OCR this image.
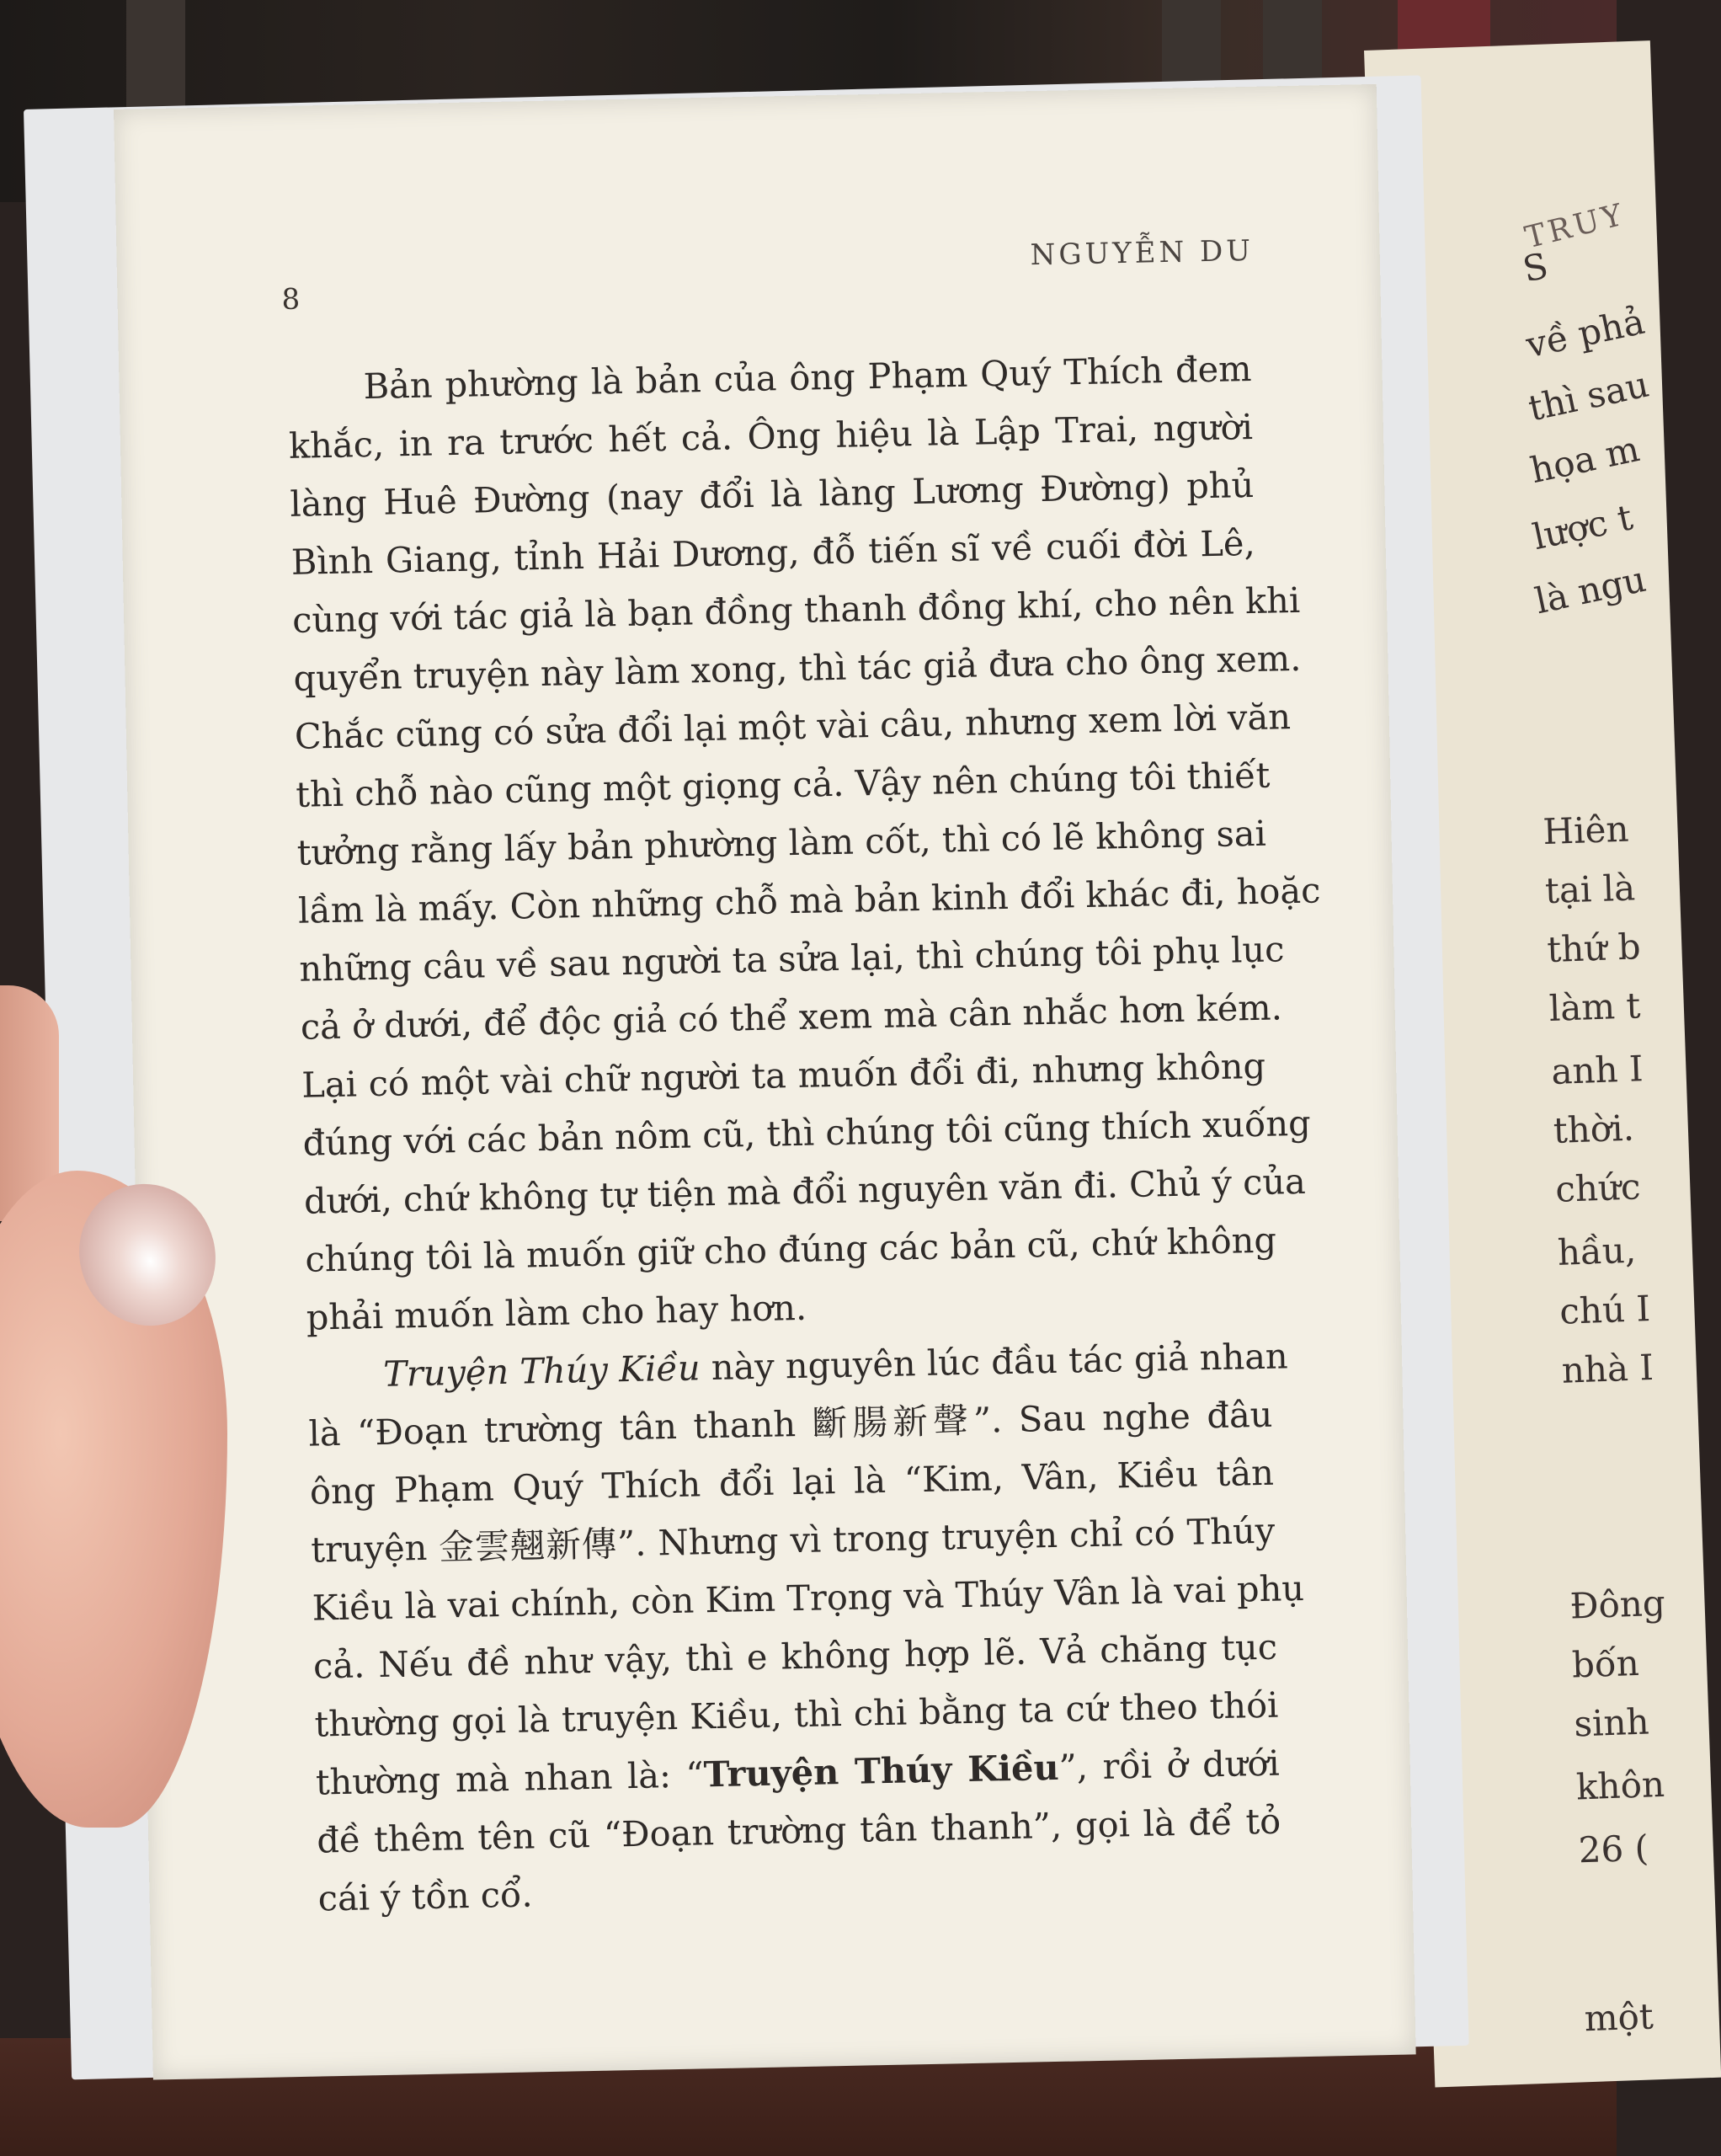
TRUY
S
về phả
thì sau
họa m
lược t
là ngu
Hiên
tại là
thứ b
làm t
anh I
thời.
chức
hầu,
chú I
nhà I
Đông
bốn
sinh
khôn
26 (
một
8
NGUYỄN DU
Bản phường là bản của ông Phạm Quý Thích đem
khắc, in ra trước hết cả. Ông hiệu là Lập Trai, người
làng Huê Đường (nay đổi là làng Lương Đường) phủ
Bình Giang, tỉnh Hải Dương, đỗ tiến sĩ về cuối đời Lê,
cùng với tác giả là bạn đồng thanh đồng khí, cho nên khi
quyển truyện này làm xong, thì tác giả đưa cho ông xem.
Chắc cũng có sửa đổi lại một vài câu, nhưng xem lời văn
thì chỗ nào cũng một giọng cả. Vậy nên chúng tôi thiết
tưởng rằng lấy bản phường làm cốt, thì có lẽ không sai
lầm là mấy. Còn những chỗ mà bản kinh đổi khác đi, hoặc
những câu về sau người ta sửa lại, thì chúng tôi phụ lục
cả ở dưới, để độc giả có thể xem mà cân nhắc hơn kém.
Lại có một vài chữ người ta muốn đổi đi, nhưng không
đúng với các bản nôm cũ, thì chúng tôi cũng thích xuống
dưới, chứ không tự tiện mà đổi nguyên văn đi. Chủ ý của
chúng tôi là muốn giữ cho đúng các bản cũ, chứ không
phải muốn làm cho hay hơn.
Truyện Thúy Kiều này nguyên lúc đầu tác giả nhan
là “Đoạn trường tân thanh 斷腸新聲”. Sau nghe đâu
ông Phạm Quý Thích đổi lại là “Kim, Vân, Kiều tân
truyện 金雲翹新傳”. Nhưng vì trong truyện chỉ có Thúy
Kiều là vai chính, còn Kim Trọng và Thúy Vân là vai phụ
cả. Nếu đề như vậy, thì e không hợp lẽ. Vả chăng tục
thường gọi là truyện Kiều, thì chi bằng ta cứ theo thói
thường mà nhan là: “Truyện Thúy Kiều”, rồi ở dưới
đề thêm tên cũ “Đoạn trường tân thanh”, gọi là để tỏ
cái ý tồn cổ.
